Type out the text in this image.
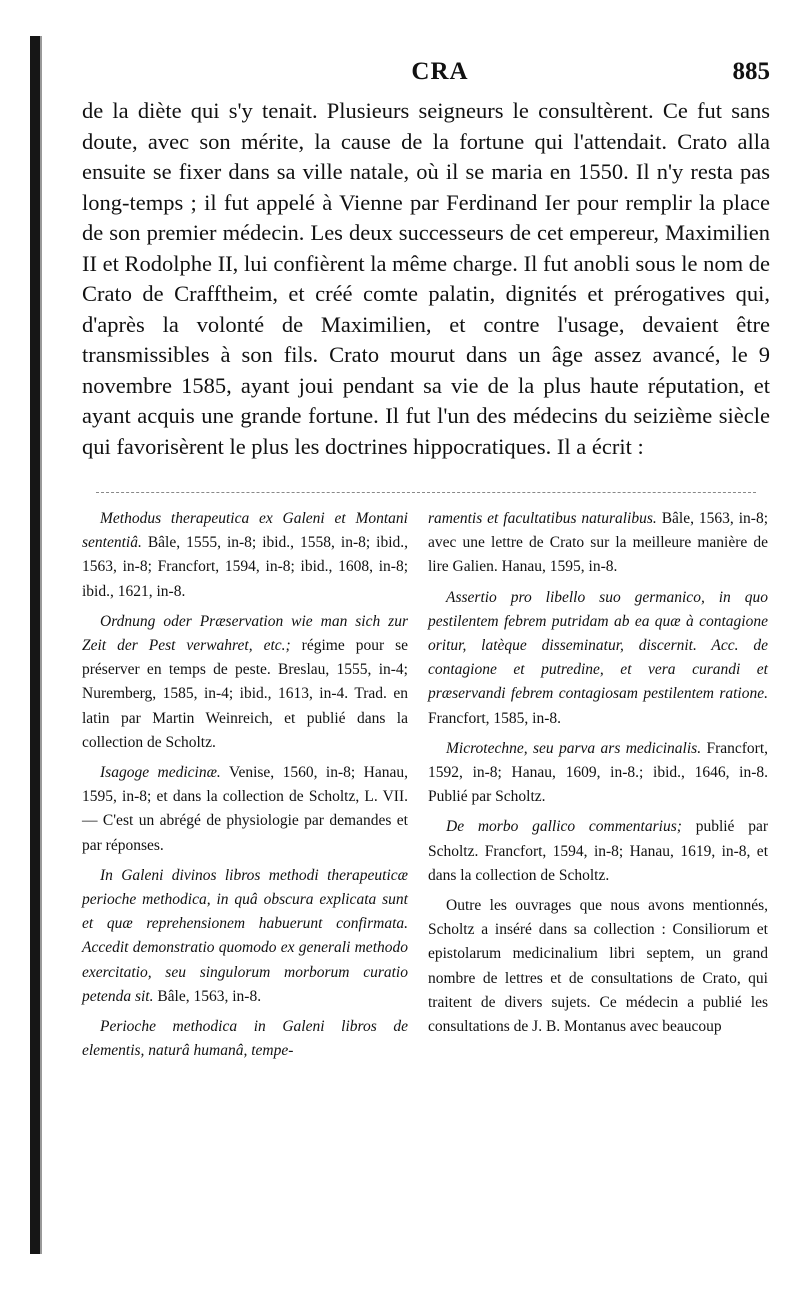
CRA	885

de la diète qui s'y tenait. Plusieurs seigneurs le consultèrent. Ce fut sans doute, avec son mérite, la cause de la fortune qui l'attendait. Crato alla ensuite se fixer dans sa ville natale, où il se maria en 1550. Il n'y resta pas long-temps ; il fut appelé à Vienne par Ferdinand Ier pour remplir la place de son premier médecin. Les deux successeurs de cet empereur, Maximilien II et Rodolphe II, lui confièrent la même charge. Il fut anobli sous le nom de Crato de Crafftheim, et créé comte palatin, dignités et prérogatives qui, d'après la volonté de Maximilien, et contre l'usage, devaient être transmissibles à son fils. Crato mourut dans un âge assez avancé, le 9 novembre 1585, ayant joui pendant sa vie de la plus haute réputation, et ayant acquis une grande fortune. Il fut l'un des médecins du seizième siècle qui favorisèrent le plus les doctrines hippocratiques. Il a écrit :

Methodus therapeutica ex Galeni et Montani sententiâ. Bâle, 1555, in-8; ibid., 1558, in-8; ibid., 1563, in-8; Francfort, 1594, in-8; ibid., 1608, in-8; ibid., 1621, in-8.

Ordnung oder Præservation wie man sich zur Zeit der Pest verwahret, etc.; régime pour se préserver en temps de peste. Breslau, 1555, in-4; Nuremberg, 1585, in-4; ibid., 1613, in-4. Trad. en latin par Martin Weinreich, et publié dans la collection de Scholtz.

Isagoge medicinæ. Venise, 1560, in-8; Hanau, 1595, in-8; et dans la collection de Scholtz, L. VII. — C'est un abrégé de physiologie par demandes et par réponses.

In Galeni divinos libros methodi therapeuticæ perioche methodica, in quâ obscura explicata sunt et quæ reprehensionem habuerunt confirmata. Accedit demonstratio quomodo ex generali methodo exercitatio, seu singulorum morborum curatio petenda sit. Bâle, 1563, in-8.

Perioche methodica in Galeni libros de elementis, naturâ humanâ, tempe-

ramentis et facultatibus naturalibus. Bâle, 1563, in-8; avec une lettre de Crato sur la meilleure manière de lire Galien. Hanau, 1595, in-8.

Assertio pro libello suo germanico, in quo pestilentem febrem putridam ab ea quæ à contagione oritur, latèque disseminatur, discernit. Acc. de contagione et putredine, et vera curandi et præservandi febrem contagiosam pestilentem ratione. Francfort, 1585, in-8.

Microtechne, seu parva ars medicinalis. Francfort, 1592, in-8; Hanau, 1609, in-8.; ibid., 1646, in-8. Publié par Scholtz.

De morbo gallico commentarius; publié par Scholtz. Francfort, 1594, in-8; Hanau, 1619, in-8, et dans la collection de Scholtz.

Outre les ouvrages que nous avons mentionnés, Scholtz a inséré dans sa collection : Consiliorum et epistolarum medicinalium libri septem, un grand nombre de lettres et de consultations de Crato, qui traitent de divers sujets. Ce médecin a publié les consultations de J. B. Montanus avec beaucoup
